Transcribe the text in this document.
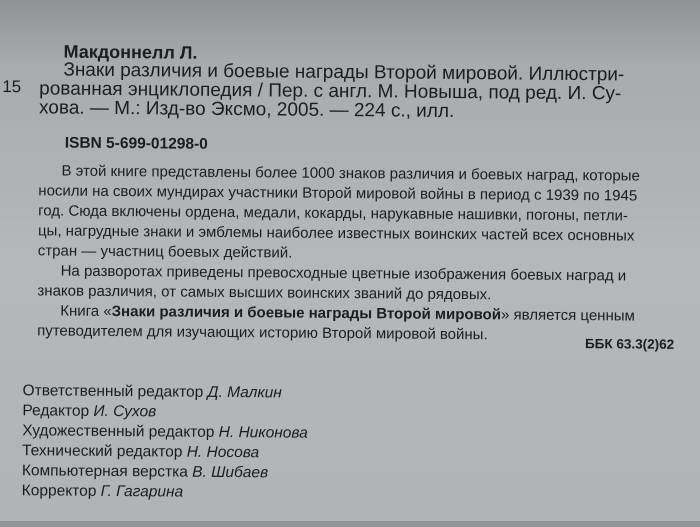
15
Макдоннелл Л.
Знаки различия и боевые награды Второй мировой. Иллюстри-
рованная энциклопедия / Пер. с англ. М. Новыша, под ред. И. Су-
хова. — М.: Изд-во Эксмо, 2005. — 224 с., илл.
ISBN 5-699-01298-0
В этой книге представлены более 1000 знаков различия и боевых наград, которые
носили на своих мундирах участники Второй мировой войны в период с 1939 по 1945
год. Сюда включены ордена, медали, кокарды, нарукавные нашивки, погоны, петли-
цы, нагрудные знаки и эмблемы наиболее известных воинских частей всех основных
стран — участниц боевых действий.
На разворотах приведены превосходные цветные изображения боевых наград и
знаков различия, от самых высших воинских званий до рядовых.
Книга «Знаки различия и боевые награды Второй мировой» является ценным
путеводителем для изучающих историю Второй мировой войны.
ББК 63.3(2)62
Ответственный редактор Д. Малкин
Редактор И. Сухов
Художественный редактор Н. Никонова
Технический редактор Н. Носова
Компьютерная верстка В. Шибаев
Корректор Г. Гагарина
